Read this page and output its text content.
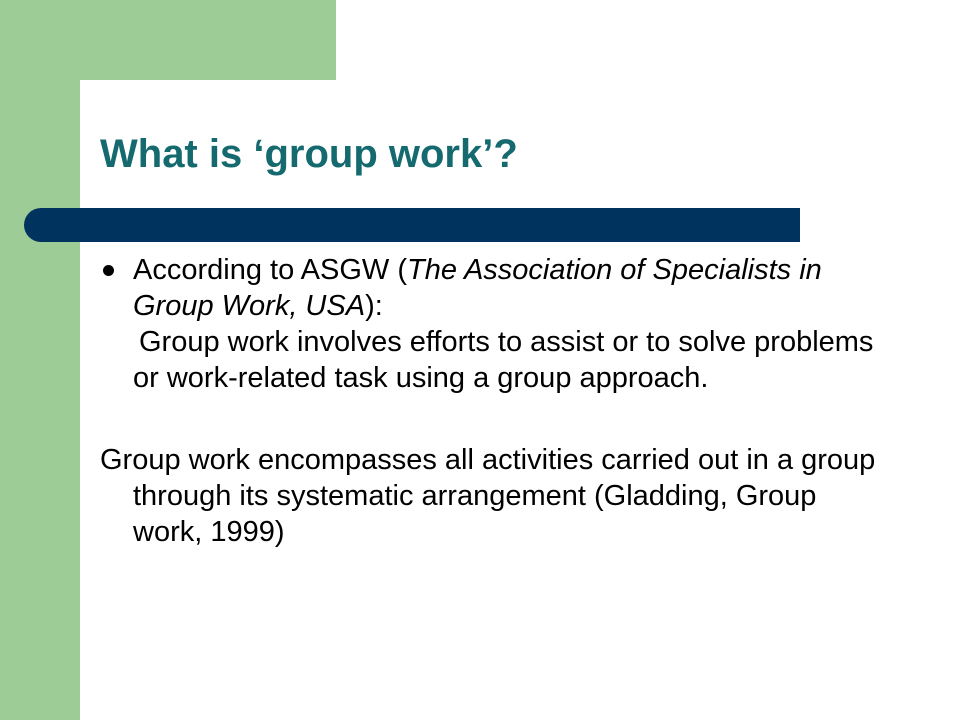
What is ‘group work’?
According to ASGW (The Association of Specialists in Group Work, USA):
Group work involves efforts to assist or to solve problems or work-related task using a group approach.
Group work encompasses all activities carried out in a group through its systematic arrangement (Gladding, Group work, 1999)
